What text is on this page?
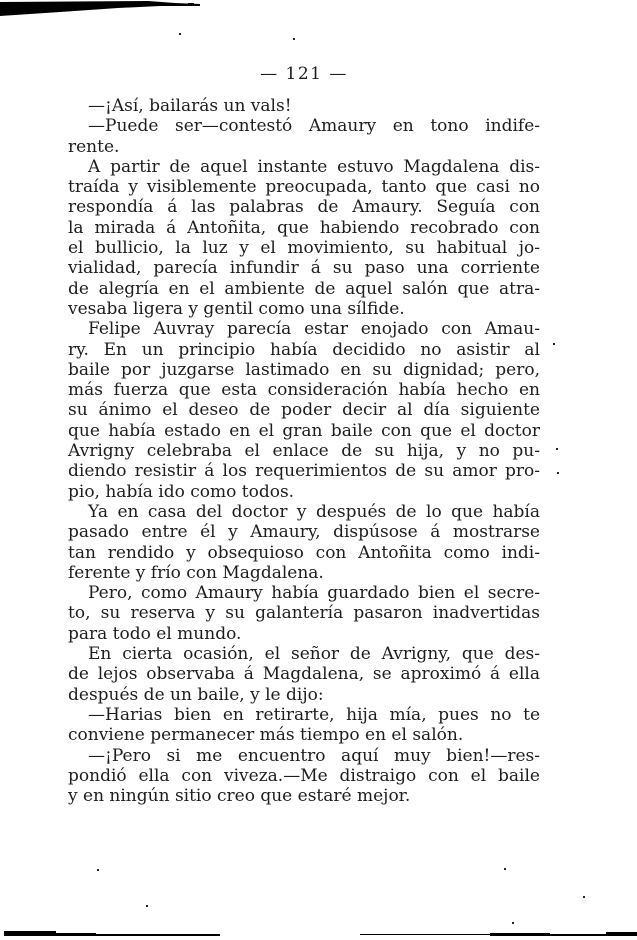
— 121 —
—¡Así, bailarás un vals!
—Puede ser—contestó Amaury en tono indife-
rente.
A partir de aquel instante estuvo Magdalena dis-
traída y visiblemente preocupada, tanto que casi no
respondía á las palabras de Amaury. Seguía con
la mirada á Antoñita, que habiendo recobrado con
el bullicio, la luz y el movimiento, su habitual jo-
vialidad, parecía infundir á su paso una corriente
de alegría en el ambiente de aquel salón que atra-
vesaba ligera y gentil como una sílfide.
Felipe Auvray parecía estar enojado con Amau-
ry. En un principio había decidido no asistir al
baile por juzgarse lastimado en su dignidad; pero,
más fuerza que esta consideración había hecho en
su ánimo el deseo de poder decir al día siguiente
que había estado en el gran baile con que el doctor
Avrigny celebraba el enlace de su hija, y no pu-
diendo resistir á los requerimientos de su amor pro-
pio, había ido como todos.
Ya en casa del doctor y después de lo que había
pasado entre él y Amaury, dispúsose á mostrarse
tan rendido y obsequioso con Antoñita como indi-
ferente y frío con Magdalena.
Pero, como Amaury había guardado bien el secre-
to, su reserva y su galantería pasaron inadvertidas
para todo el mundo.
En cierta ocasión, el señor de Avrigny, que des-
de lejos observaba á Magdalena, se aproximó á ella
después de un baile, y le dijo:
—Harias bien en retirarte, hija mía, pues no te
conviene permanecer más tiempo en el salón.
—¡Pero si me encuentro aquí muy bien!—res-
pondió ella con viveza.—Me distraigo con el baile
y en ningún sitio creo que estaré mejor.
